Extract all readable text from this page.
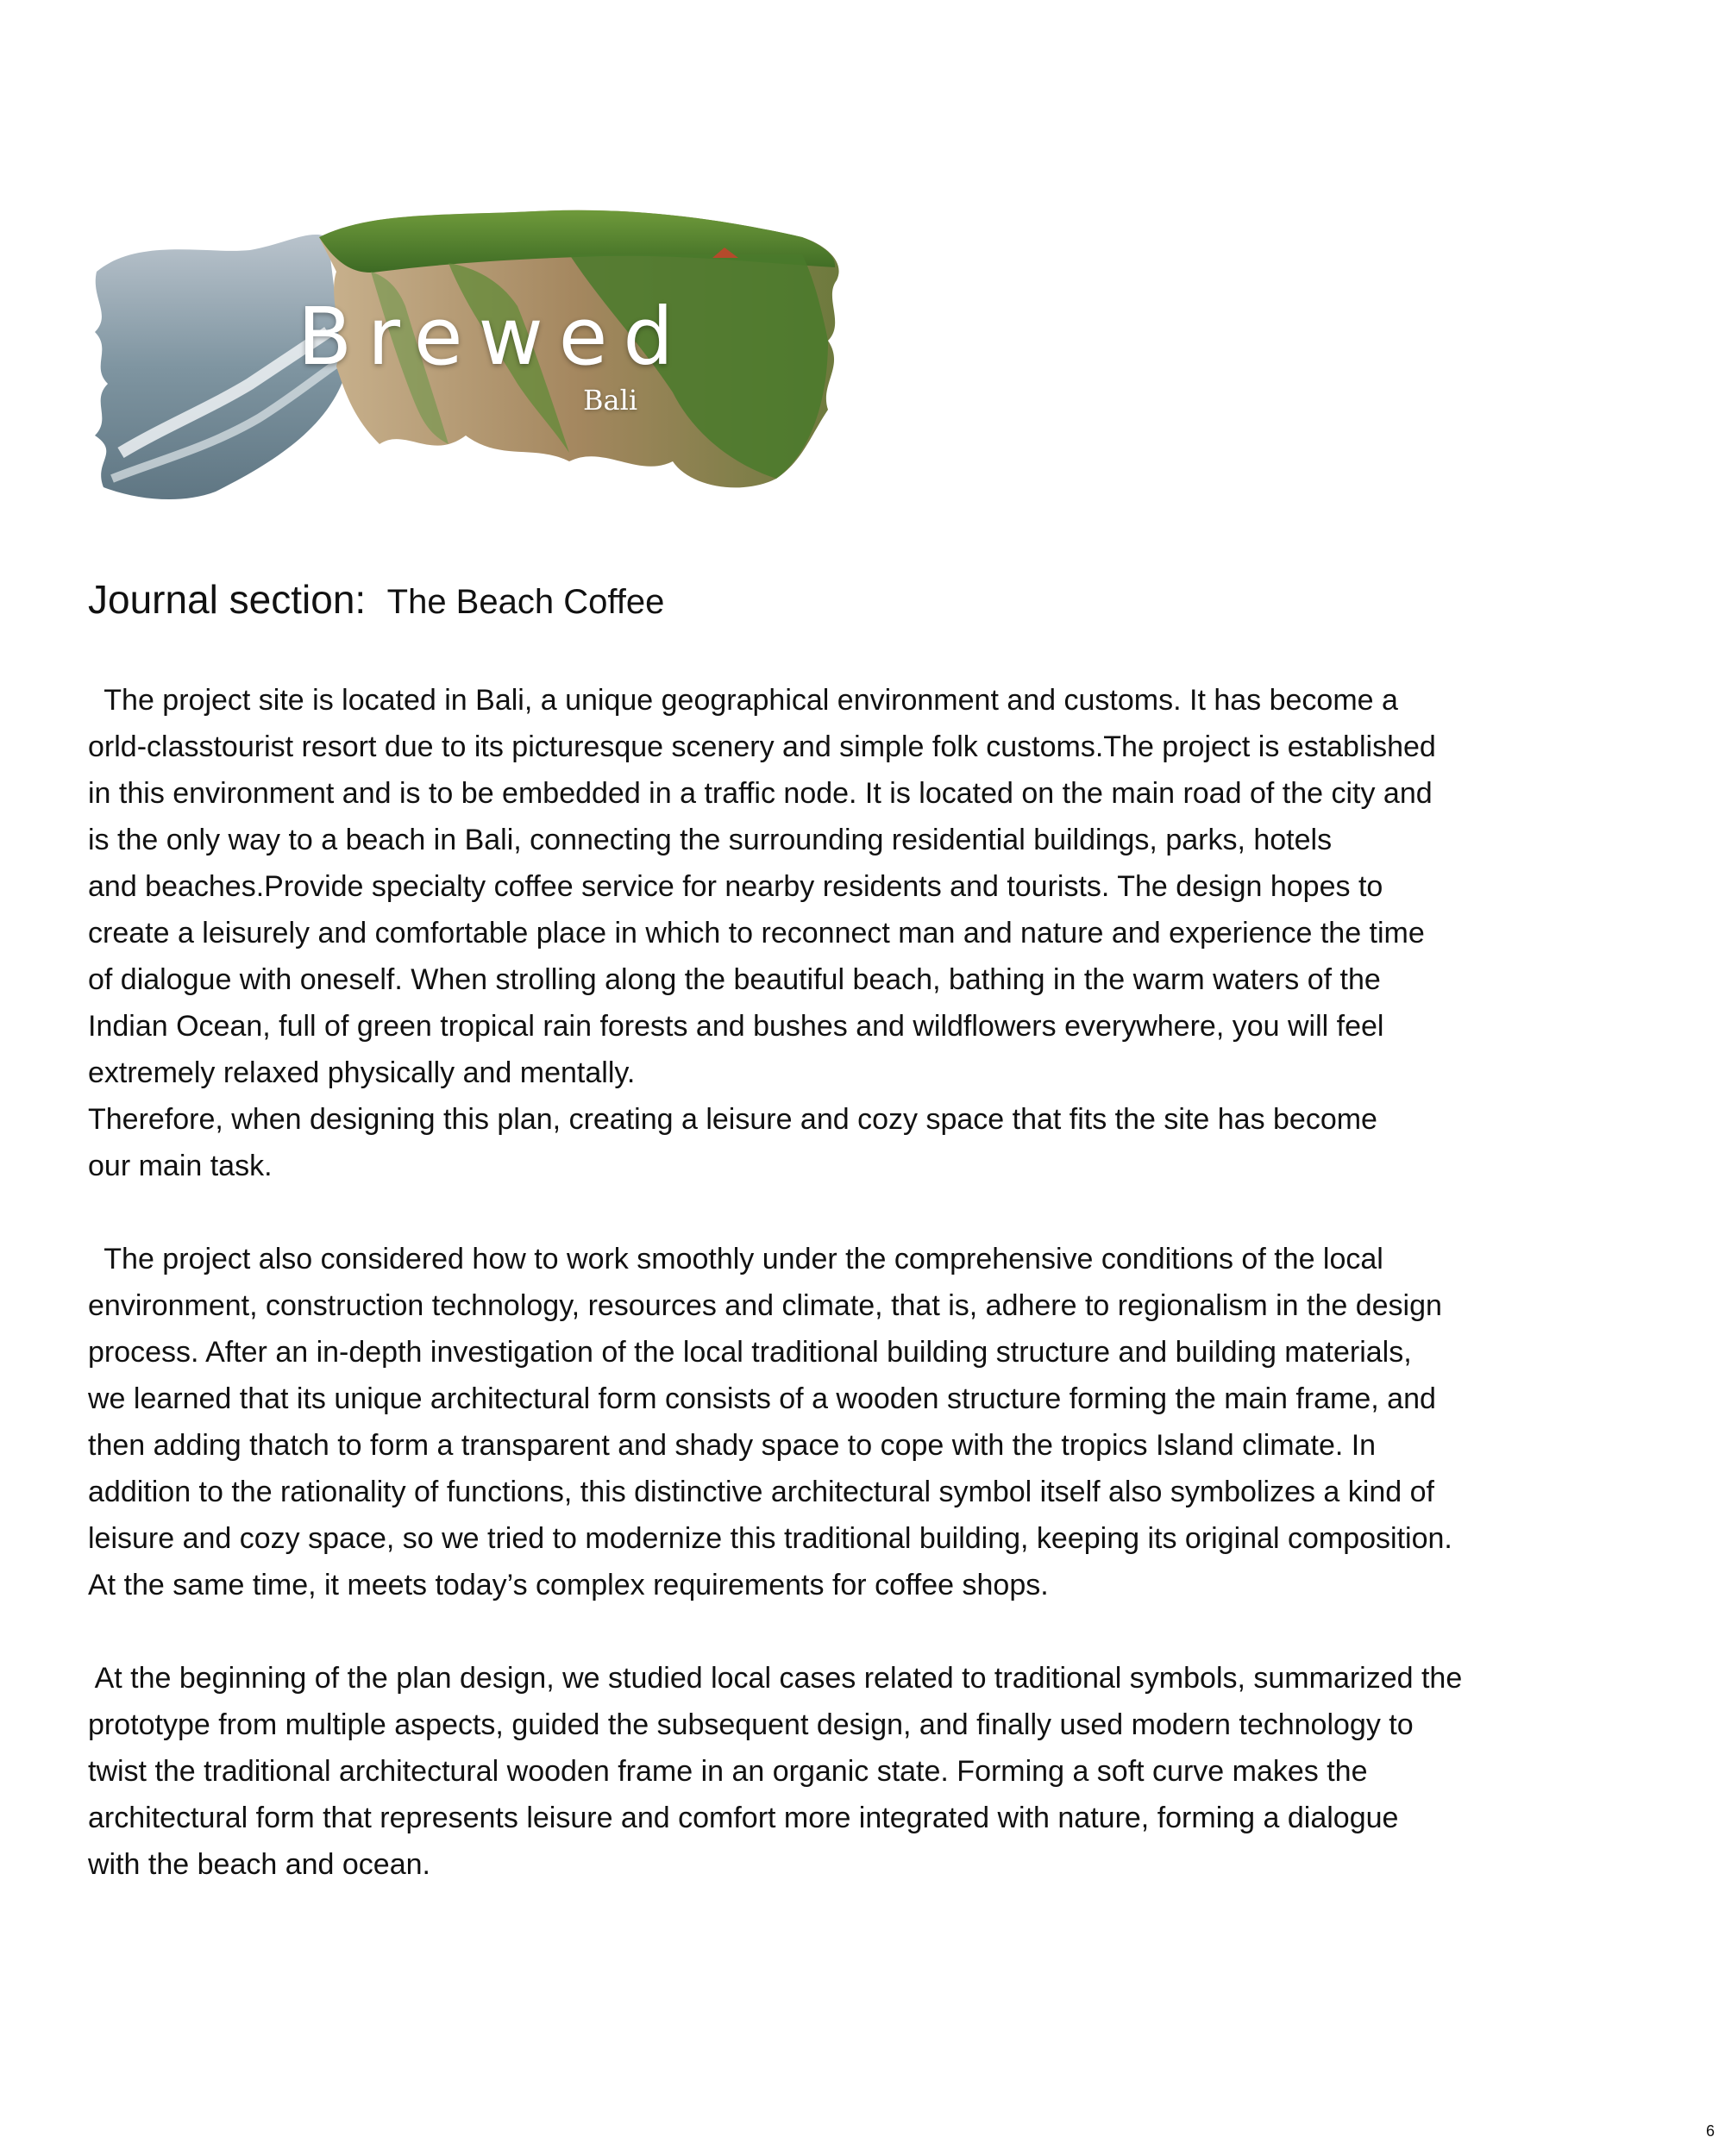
Brewed
Bali
Journal section: The Beach Coffee
The project site is located in Bali, a unique geographical environment and customs. It has become a
orld-classtourist resort due to its picturesque scenery and simple folk customs.The project is established
in this environment and is to be embedded in a traffic node. It is located on the main road of the city and
is the only way to a beach in Bali, connecting the surrounding residential buildings, parks, hotels
and beaches.Provide specialty coffee service for nearby residents and tourists. The design hopes to
create a leisurely and comfortable place in which to reconnect man and nature and experience the time
of dialogue with oneself. When strolling along the beautiful beach, bathing in the warm waters of the
Indian Ocean, full of green tropical rain forests and bushes and wildflowers everywhere, you will feel
extremely relaxed physically and mentally.
Therefore, when designing this plan, creating a leisure and cozy space that fits the site has become
our main task.
The project also considered how to work smoothly under the comprehensive conditions of the local
environment, construction technology, resources and climate, that is, adhere to regionalism in the design
process. After an in-depth investigation of the local traditional building structure and building materials,
we learned that its unique architectural form consists of a wooden structure forming the main frame, and
then adding thatch to form a transparent and shady space to cope with the tropics Island climate. In
addition to the rationality of functions, this distinctive architectural symbol itself also symbolizes a kind of
leisure and cozy space, so we tried to modernize this traditional building, keeping its original composition.
At the same time, it meets today’s complex requirements for coffee shops.
At the beginning of the plan design, we studied local cases related to traditional symbols, summarized the
prototype from multiple aspects, guided the subsequent design, and finally used modern technology to
twist the traditional architectural wooden frame in an organic state. Forming a soft curve makes the
architectural form that represents leisure and comfort more integrated with nature, forming a dialogue
with the beach and ocean.
6
